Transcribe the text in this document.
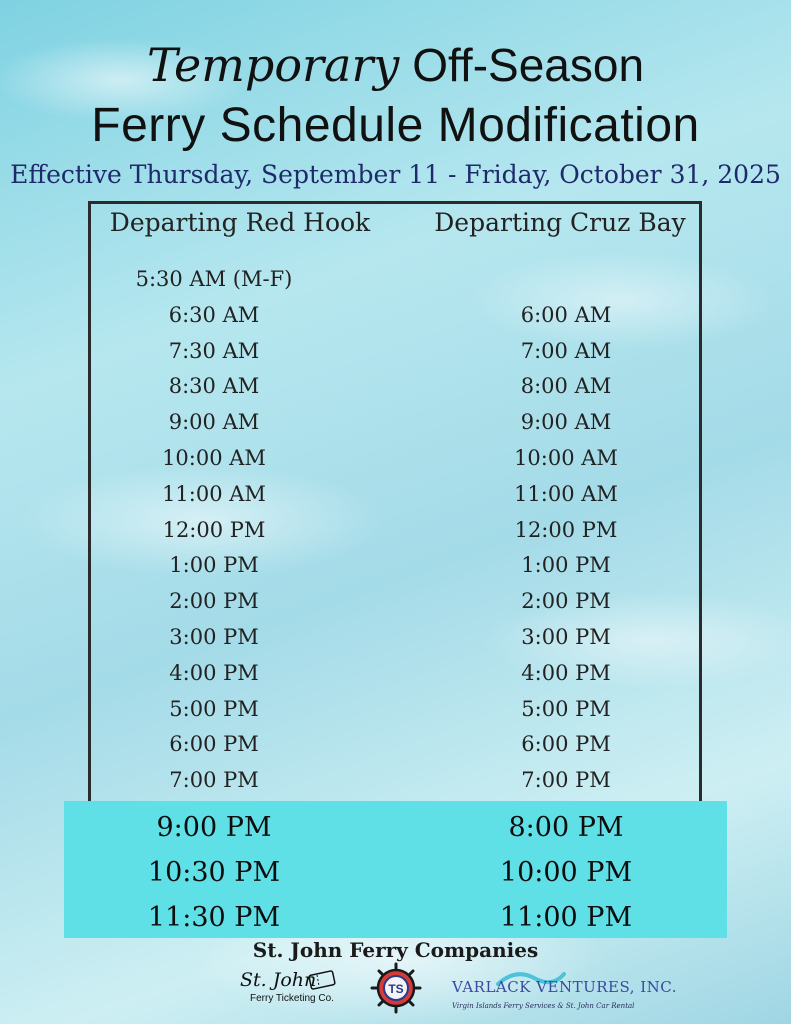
Temporary Off-Season
Ferry Schedule Modification
Effective Thursday, September 11 - Friday, October 31, 2025
Departing Red Hook	Departing Cruz Bay
5:30 AM (M-F)
6:30 AM
7:30 AM
8:30 AM
9:00 AM
10:00 AM
11:00 AM
12:00 PM
1:00 PM
2:00 PM
3:00 PM
4:00 PM
5:00 PM
6:00 PM
7:00 PM
6:00 AM
7:00 AM
8:00 AM
9:00 AM
10:00 AM
11:00 AM
12:00 PM
1:00 PM
2:00 PM
3:00 PM
4:00 PM
5:00 PM
6:00 PM
7:00 PM
9:00 PM
10:30 PM
11:30 PM
8:00 PM
10:00 PM
11:00 PM
St. John Ferry Companies
St. John
Ferry Ticketing Co.
TS	VARLACK VENTURES, INC.
Virgin Islands Ferry Services & St. John Car Rental
